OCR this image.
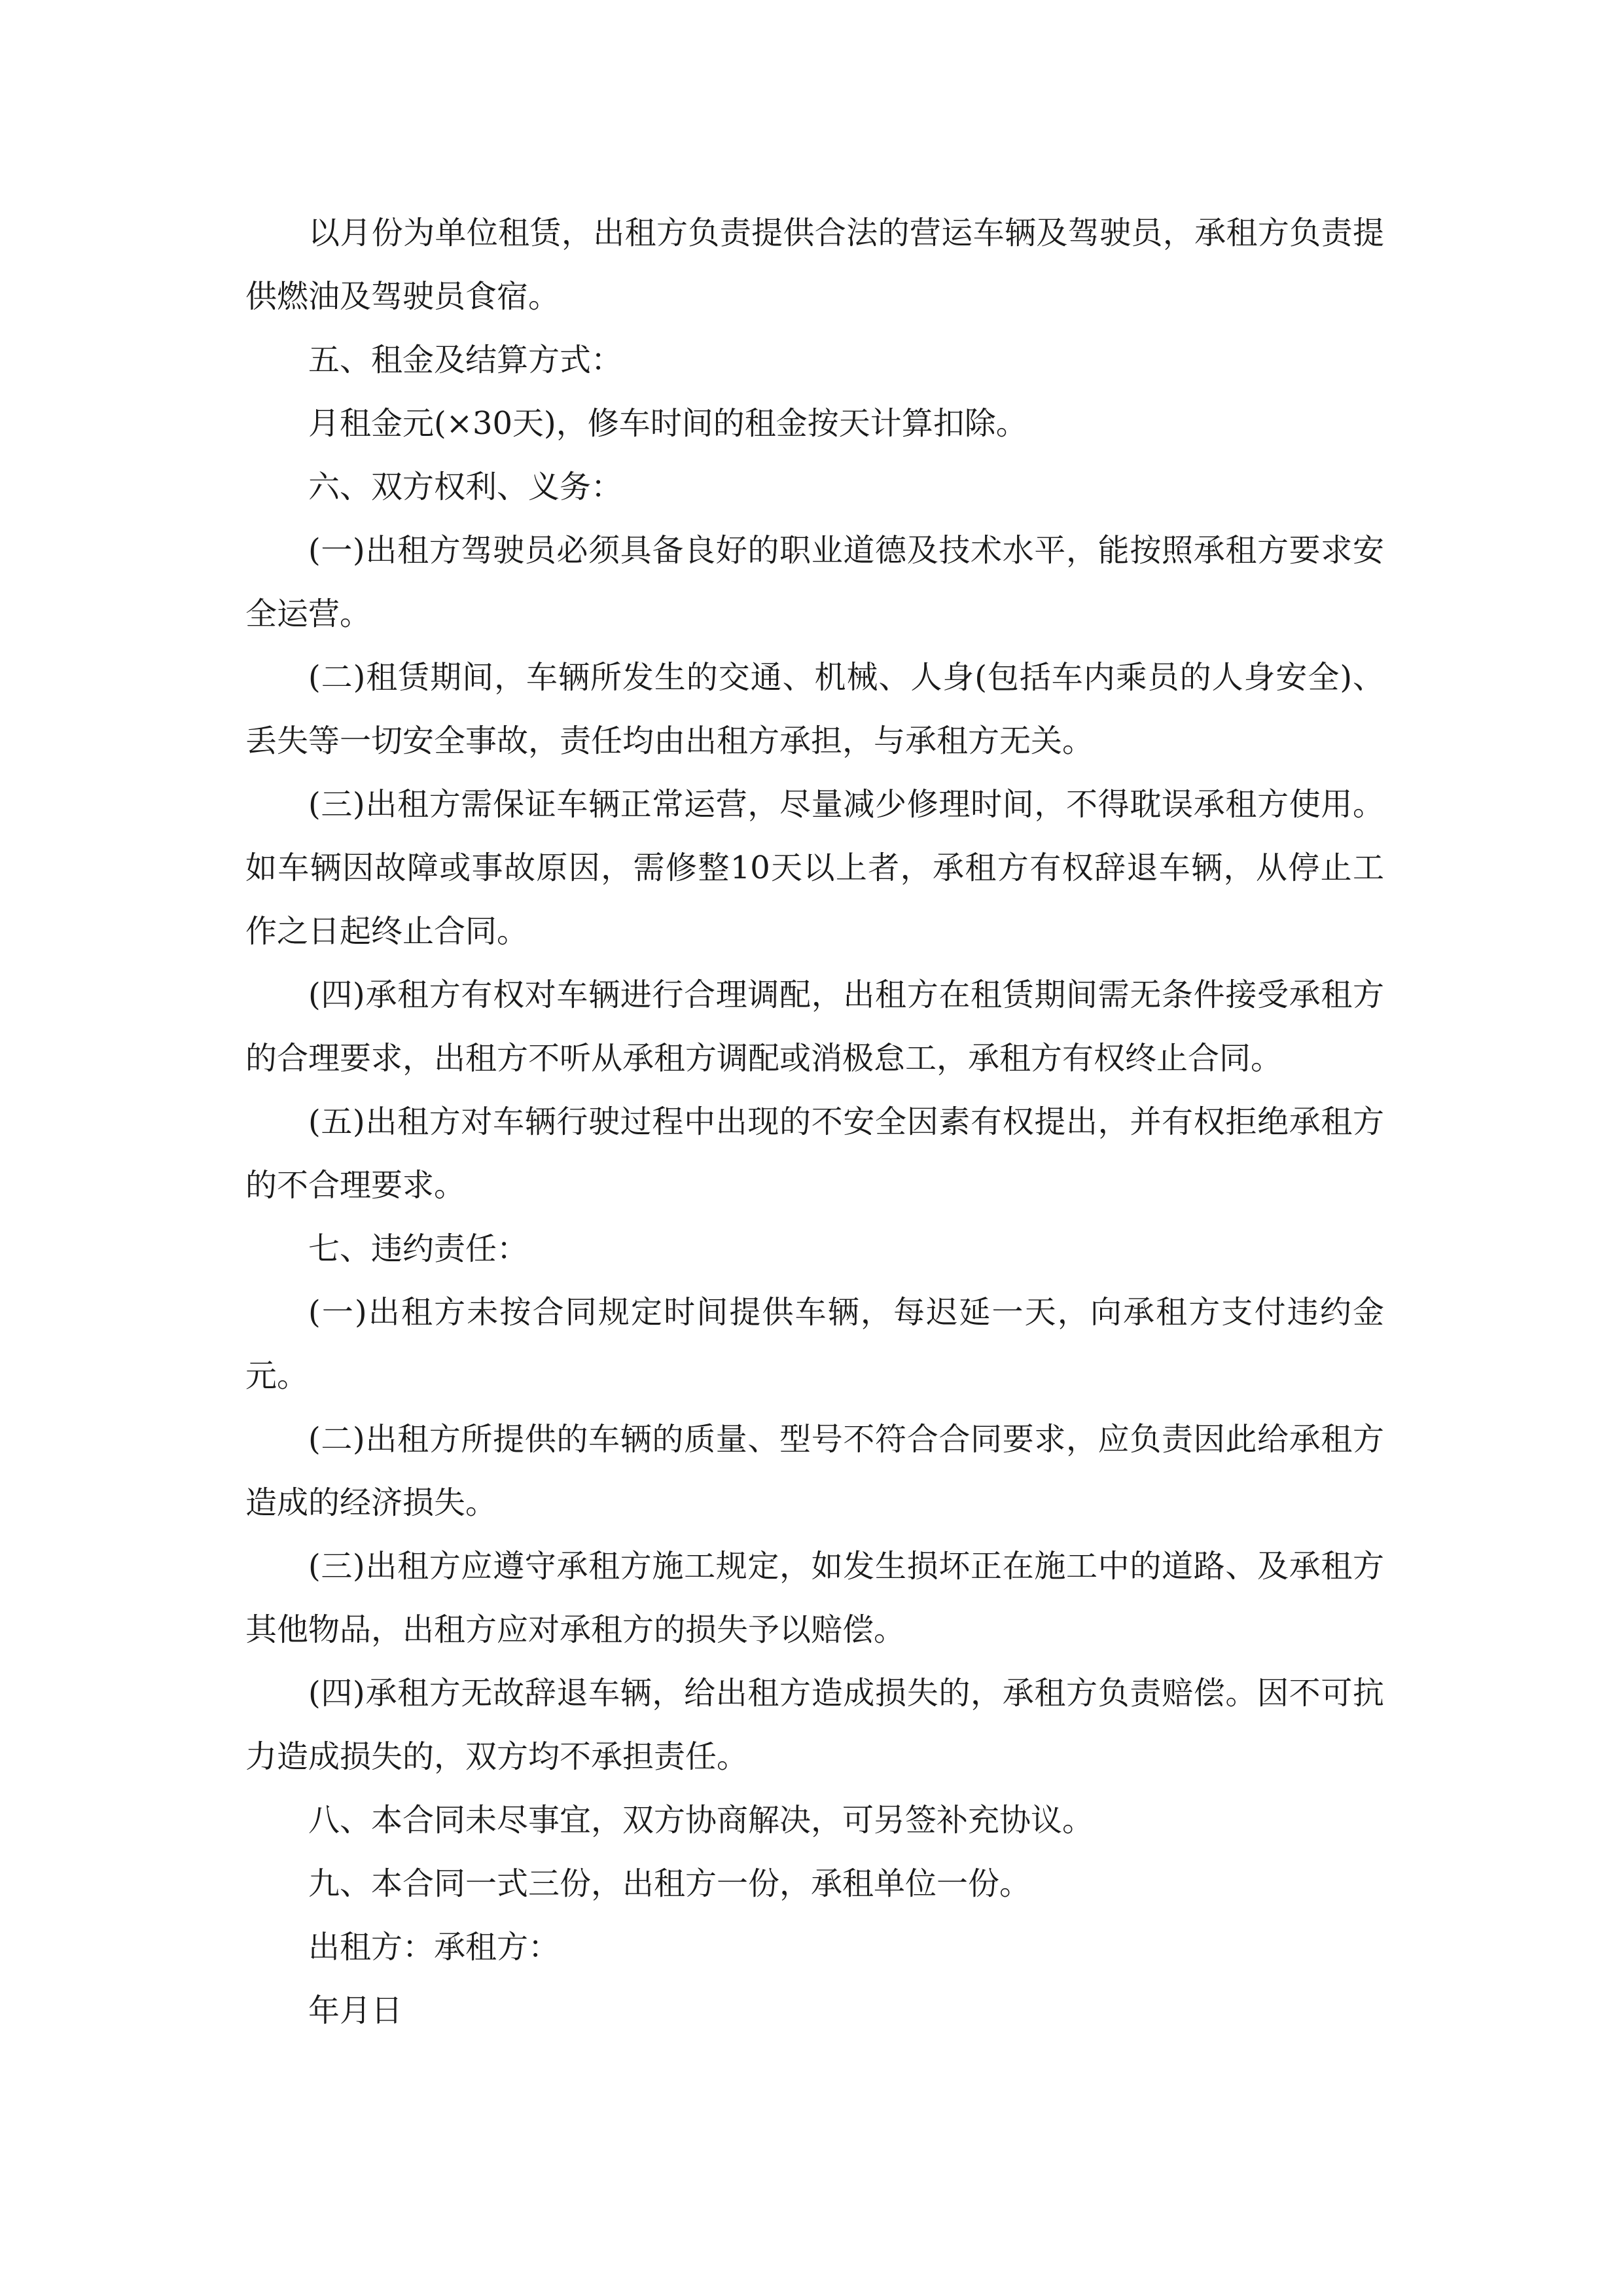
以月份为单位租赁，出租方负责提供合法的营运车辆及驾驶员，承租方负责提供燃油及驾驶员食宿。

五、租金及结算方式：

月租金元(×30天)，修车时间的租金按天计算扣除。

六、双方权利、义务：

(一)出租方驾驶员必须具备良好的职业道德及技术水平，能按照承租方要求安全运营。

(二)租赁期间，车辆所发生的交通、机械、人身(包括车内乘员的人身安全)、丢失等一切安全事故，责任均由出租方承担，与承租方无关。

(三)出租方需保证车辆正常运营，尽量减少修理时间，不得耽误承租方使用。如车辆因故障或事故原因，需修整10天以上者，承租方有权辞退车辆，从停止工作之日起终止合同。

(四)承租方有权对车辆进行合理调配，出租方在租赁期间需无条件接受承租方的合理要求，出租方不听从承租方调配或消极怠工，承租方有权终止合同。

(五)出租方对车辆行驶过程中出现的不安全因素有权提出，并有权拒绝承租方的不合理要求。

七、违约责任：

(一)出租方未按合同规定时间提供车辆，每迟延一天，向承租方支付违约金元。

(二)出租方所提供的车辆的质量、型号不符合合同要求，应负责因此给承租方造成的经济损失。

(三)出租方应遵守承租方施工规定，如发生损坏正在施工中的道路、及承租方其他物品，出租方应对承租方的损失予以赔偿。

(四)承租方无故辞退车辆，给出租方造成损失的，承租方负责赔偿。因不可抗力造成损失的，双方均不承担责任。

八、本合同未尽事宜，双方协商解决，可另签补充协议。

九、本合同一式三份，出租方一份，承租单位一份。

出租方：承租方：

年月日
